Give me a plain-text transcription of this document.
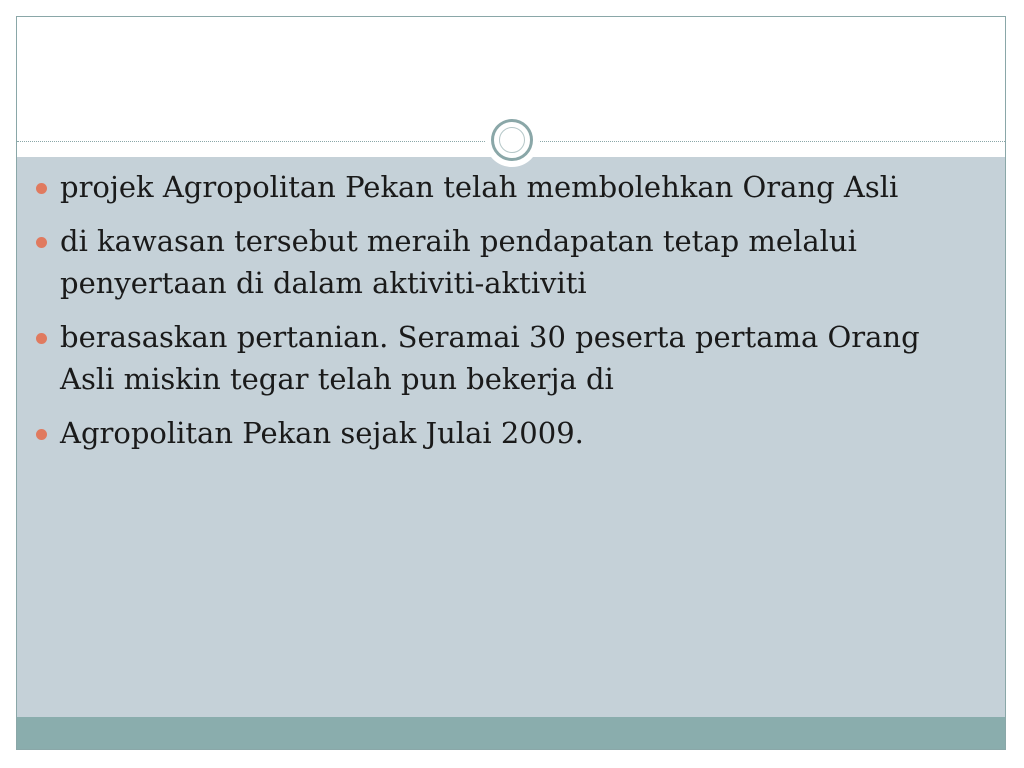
projek Agropolitan Pekan telah membolehkan Orang Asli
di kawasan tersebut meraih pendapatan tetap melalui penyertaan di dalam aktiviti-aktiviti
berasaskan pertanian. Seramai 30 peserta pertama Orang Asli miskin tegar telah pun bekerja di
Agropolitan Pekan sejak Julai 2009.
